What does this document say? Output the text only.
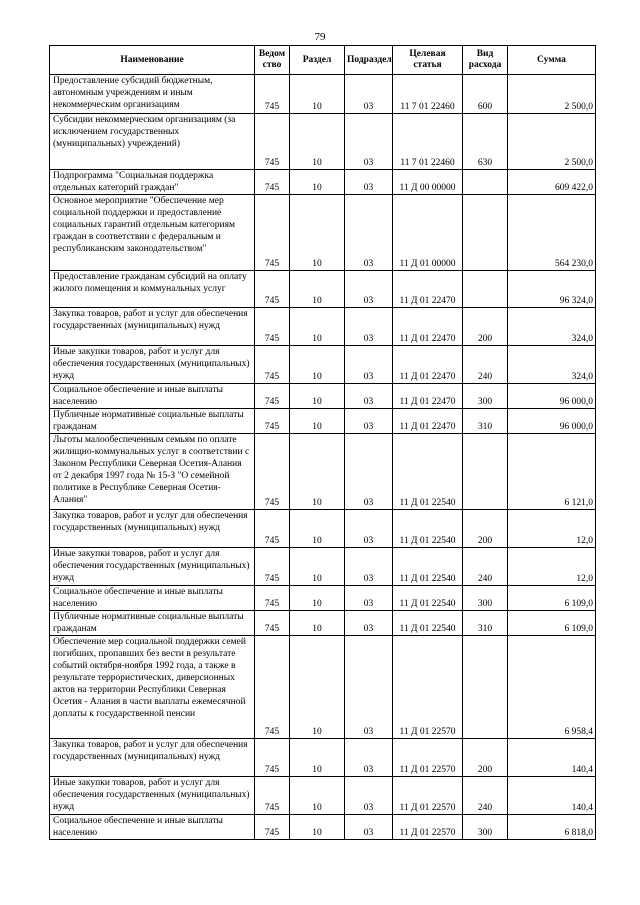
79
Наименование	Ведом ство	Раздел	Подраздел	Целевая статья	Вид расхода	Сумма
Предоставление субсидий бюджетным, автономным учреждениям и иным некоммерческим организациям	745	10	03	11 7 01 22460	600	2 500,0
Субсидии некоммерческим организациям (за исключением государственных (муниципальных) учреждений)	745	10	03	11 7 01 22460	630	2 500,0
Подпрограмма "Социальная поддержка отдельных категорий граждан"	745	10	03	11 Д 00 00000		609 422,0
Основное мероприятие "Обеспечение мер социальной поддержки и предоставление социальных гарантий отдельным категориям граждан в соответствии с федеральным и республиканским законодательством"	745	10	03	11 Д 01 00000		564 230,0
Предоставление гражданам субсидий на оплату жилого помещения и коммунальных услуг	745	10	03	11 Д 01 22470		96 324,0
Закупка товаров, работ и услуг для обеспечения государственных (муниципальных) нужд	745	10	03	11 Д 01 22470	200	324,0
Иные закупки товаров, работ и услуг для обеспечения государственных (муниципальных) нужд	745	10	03	11 Д 01 22470	240	324,0
Социальное обеспечение и иные выплаты населению	745	10	03	11 Д 01 22470	300	96 000,0
Публичные нормативные социальные выплаты гражданам	745	10	03	11 Д 01 22470	310	96 000,0
Льготы малообеспеченным семьям по оплате жилищно-коммунальных услуг в соответствии с Законом Республики Северная Осетия-Алания от 2 декабря 1997 года № 15-З "О семейной политике в Республике Северная Осетия-Алания"	745	10	03	11 Д 01 22540		6 121,0
Закупка товаров, работ и услуг для обеспечения государственных (муниципальных) нужд	745	10	03	11 Д 01 22540	200	12,0
Иные закупки товаров, работ и услуг для обеспечения государственных (муниципальных) нужд	745	10	03	11 Д 01 22540	240	12,0
Социальное обеспечение и иные выплаты населению	745	10	03	11 Д 01 22540	300	6 109,0
Публичные нормативные социальные выплаты гражданам	745	10	03	11 Д 01 22540	310	6 109,0
Обеспечение мер социальной поддержки семей погибших, пропавших без вести в результате событий октября-ноября 1992 года, а также в результате террористических, диверсионных актов на территории Республики Северная Осетия - Алания в части выплаты ежемесячной доплаты к государственной пенсии	745	10	03	11 Д 01 22570		6 958,4
Закупка товаров, работ и услуг для обеспечения государственных (муниципальных) нужд	745	10	03	11 Д 01 22570	200	140,4
Иные закупки товаров, работ и услуг для обеспечения государственных (муниципальных) нужд	745	10	03	11 Д 01 22570	240	140,4
Социальное обеспечение и иные выплаты населению	745	10	03	11 Д 01 22570	300	6 818,0
